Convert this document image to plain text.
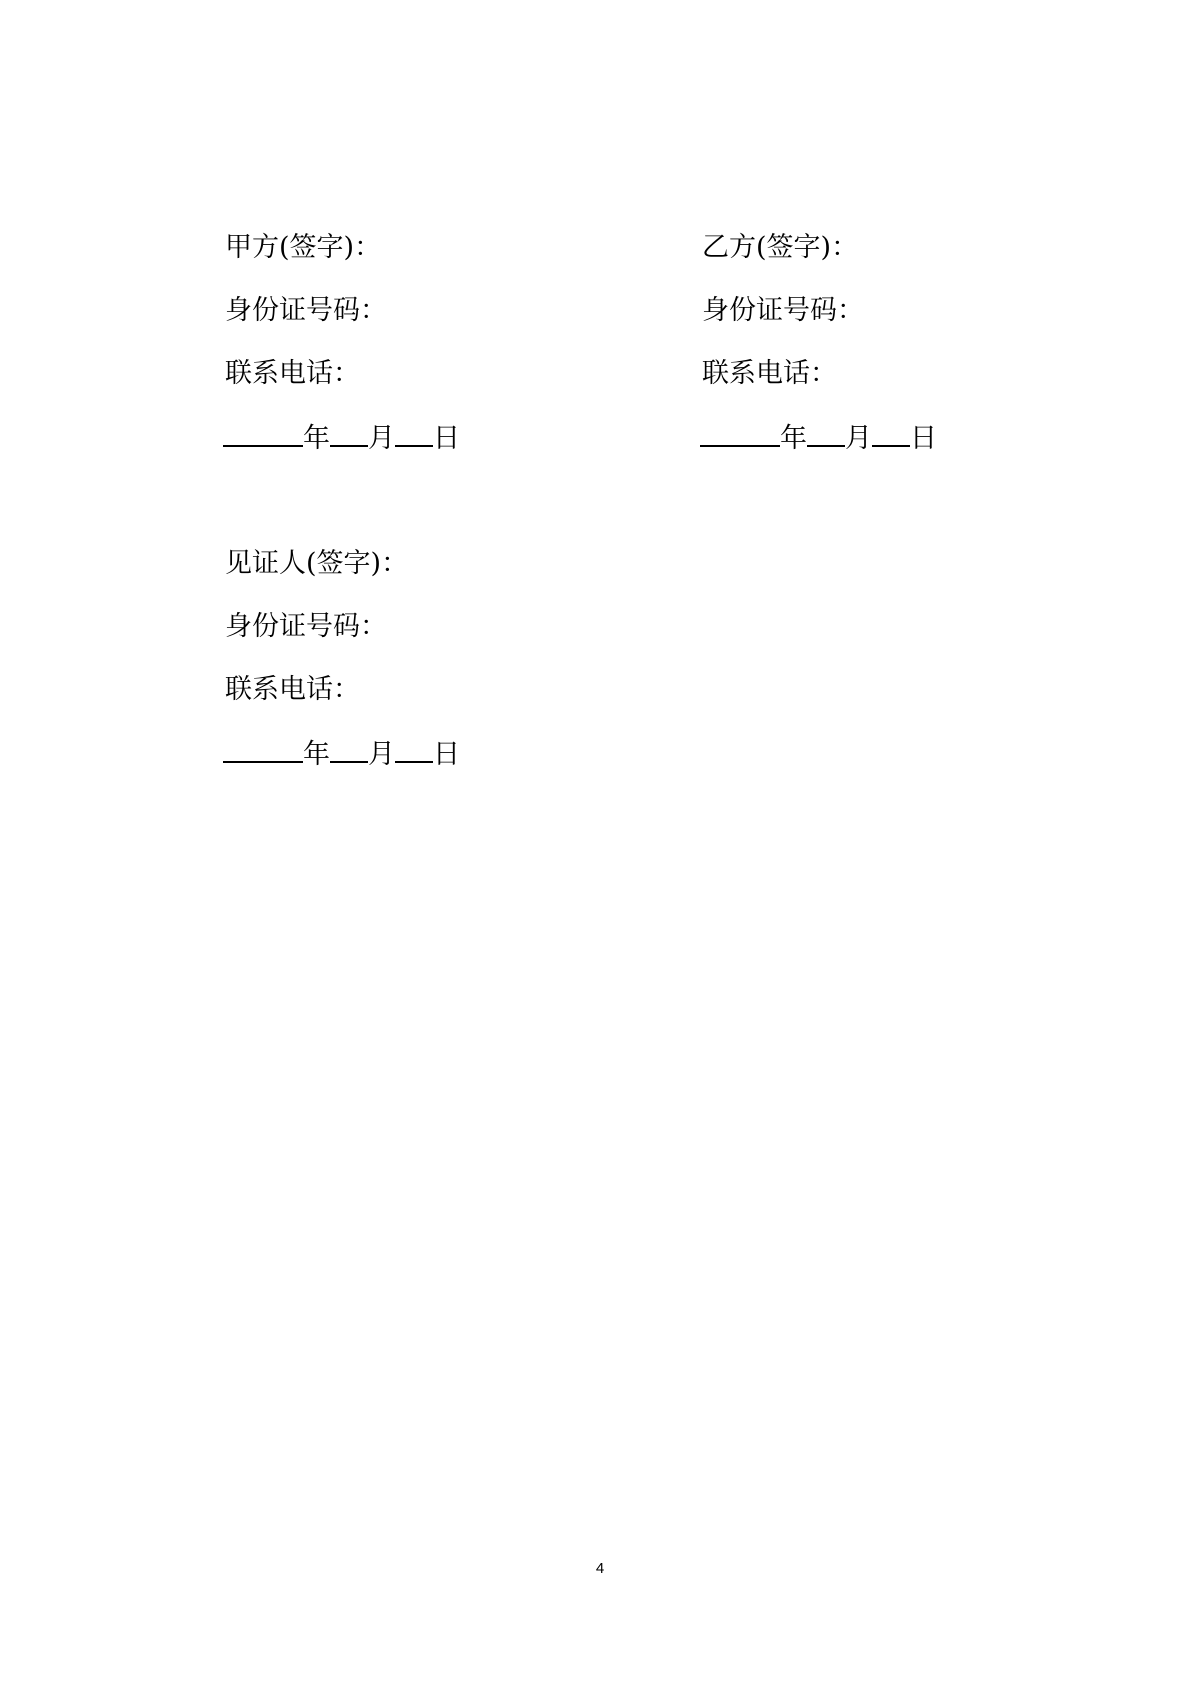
甲方(签字)：
身份证号码：
联系电话：
年 月 日
乙方(签字)：
身份证号码：
联系电话：
年 月 日
见证人(签字)：
身份证号码：
联系电话：
年 月 日
4
